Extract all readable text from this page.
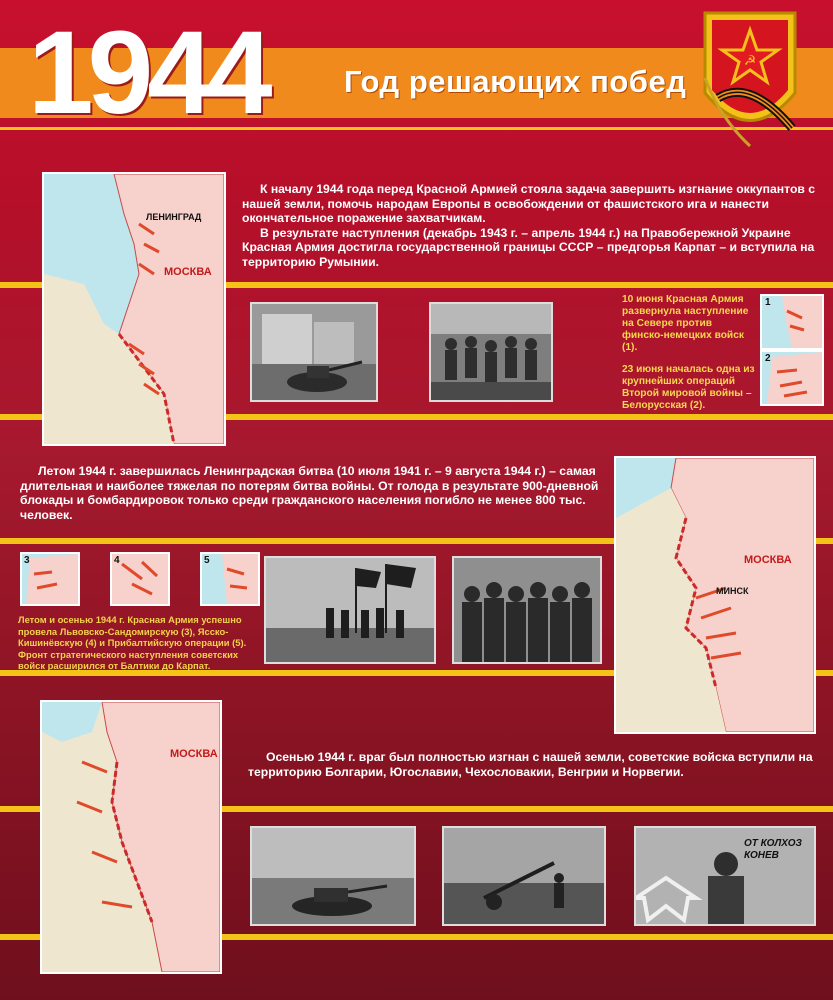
1944 Год решающих побед
☭
ЛЕНИНГРАД
МОСКВА

К началу 1944 года перед Красной Армией стояла задача завершить изгнание оккупантов с нашей земли, помочь народам Европы в освобождении от фашистского ига и нанести окончательное поражение захватчикам.

В результате наступления (декабрь 1943 г. – апрель 1944 г.) на Правобережной Украине Красная Армия достигла государственной границы СССР – предгорья Карпат – и вступила на территорию Румынии.

10 июня Красная Армия развернула наступление на Севере против финско-немецких войск (1).
23 июня началась одна из крупнейших операций Второй мировой войны – Белорусская (2).
1
2

Летом 1944 г. завершилась Ленинградская битва (10 июля 1941 г. – 9 августа 1944 г.) – самая длительная и наиболее тяжелая по потерям битва войны. От голода в результате 900-дневной блокады и бомбардировок только среди гражданского населения погибло не менее 800 тыс. человек.

МОСКВА
МИНСК
3	4	5
Летом и осенью 1944 г. Красная Армия успешно провела Львовско-Сандомирскую (3), Ясско-Кишинёвскую (4) и Прибалтийскую операции (5). Фронт стратегического наступления советских войск расширился от Балтики до Карпат.
МОСКВА	Осенью 1944 г. враг был полностью изгнан с нашей земли, советские войска вступили на территорию Болгарии, Югославии, Чехословакии, Венгрии и Норвегии.

ОТ КОЛХОЗ КОНЕВ
